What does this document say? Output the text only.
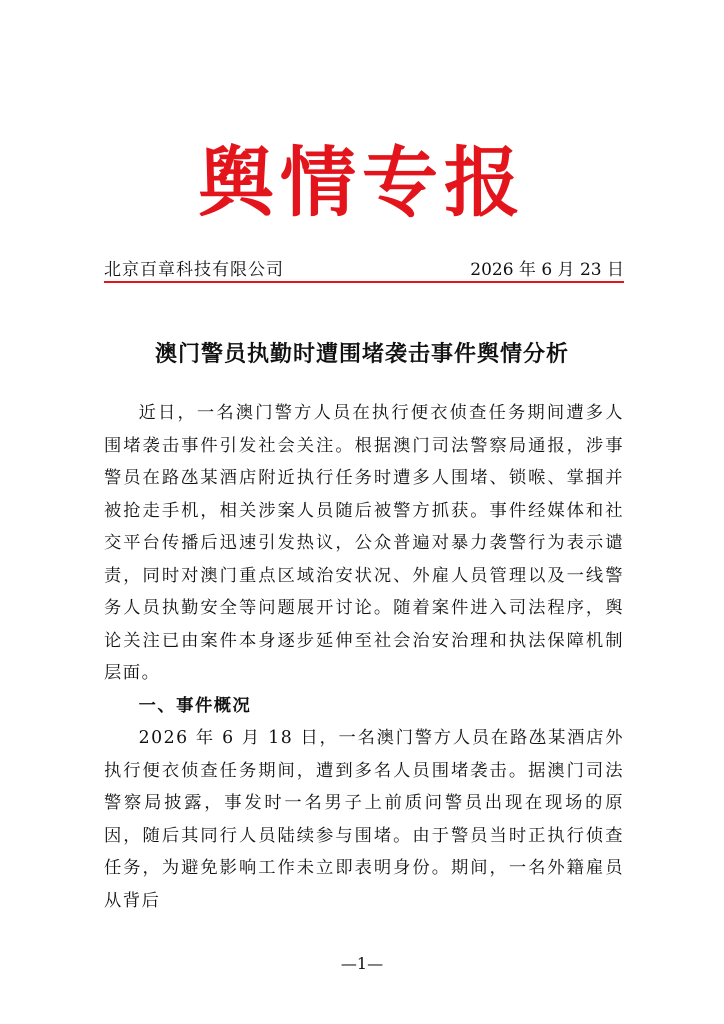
舆情专报
北京百章科技有限公司	2026 年 6 月 23 日
澳门警员执勤时遭围堵袭击事件舆情分析

近日，一名澳门警方人员在执行便衣侦查任务期间遭多人围堵袭击事件引发社会关注。根据澳门司法警察局通报，涉事警员在路氹某酒店附近执行任务时遭多人围堵、锁喉、掌掴并被抢走手机，相关涉案人员随后被警方抓获。事件经媒体和社交平台传播后迅速引发热议，公众普遍对暴力袭警行为表示谴责，同时对澳门重点区域治安状况、外雇人员管理以及一线警务人员执勤安全等问题展开讨论。随着案件进入司法程序，舆论关注已由案件本身逐步延伸至社会治安治理和执法保障机制层面。

一、事件概况

2026 年 6 月 18 日，一名澳门警方人员在路氹某酒店外执行便衣侦查任务期间，遭到多名人员围堵袭击。据澳门司法警察局披露，事发时一名男子上前质问警员出现在现场的原因，随后其同行人员陆续参与围堵。由于警员当时正执行侦查任务，为避免影响工作未立即表明身份。期间，一名外籍雇员从背后

—1—
